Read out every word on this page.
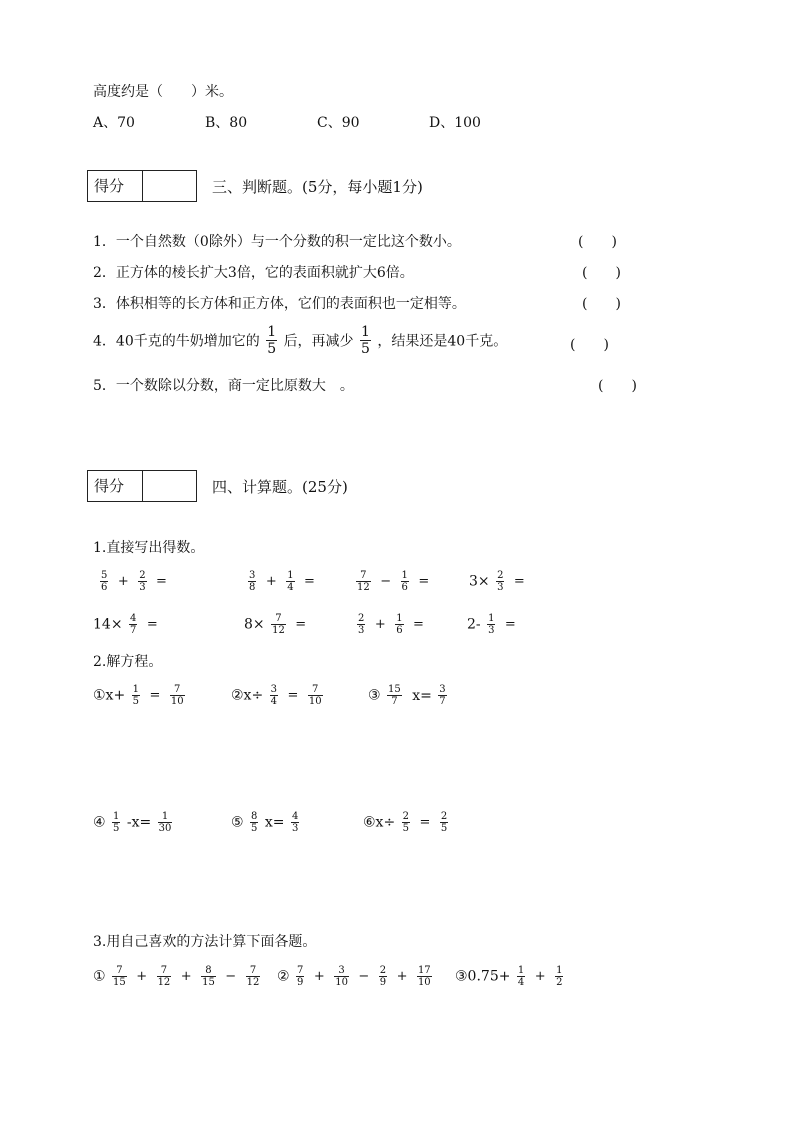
高度约是（　　）米。
A、70	B、80	C、90	D、100
得分	三、判断题。(5分，每小题1分)
1．一个自然数（0除外）与一个分数的积一定比这个数小。	(　　)
2．正方体的棱长扩大3倍，它的表面积就扩大6倍。	(　　)
3．体积相等的长方体和正方体，它们的表面积也一定相等。	(　　)
4．40千克的牛奶增加它的 $\frac{1}{5}$ 后，再减少 $\frac{1}{5}$ ，结果还是40千克。	(　　)
5．一个数除以分数，商一定比原数大　。	(　　)
得分	四、计算题。(25分)
1.直接写出得数。
$\frac{5}{6} + \frac{2}{3}$ =	$\frac{3}{8} + \frac{1}{4}$ =	$\frac{7}{12} - \frac{1}{6}$ =	$3\times \frac{2}{3}$ =
$14\times \frac{4}{7}$ =	$8\times \frac{7}{12}$ =	$\frac{2}{3} + \frac{1}{6}$ =	$2- \frac{1}{3}$ =
2.解方程。
①x+ $\frac{1}{5} = \frac{7}{10}$	②x÷ $\frac{3}{4} = \frac{7}{10}$	③ $\frac{15}{7} x= \frac{3}{7}$
④ $\frac{1}{5} -x= \frac{1}{30}$	⑤ $\frac{8}{5} x= \frac{4}{3}$	⑥x÷ $\frac{2}{5} = \frac{2}{5}$
3.用自己喜欢的方法计算下面各题。
① $\frac{7}{15} + \frac{7}{12} + \frac{8}{15} - \frac{7}{12}$ ② $\frac{7}{9} + \frac{3}{10} - \frac{2}{9} + \frac{17}{10}$ ③0.75+ $\frac{1}{4} + \frac{1}{2}$
